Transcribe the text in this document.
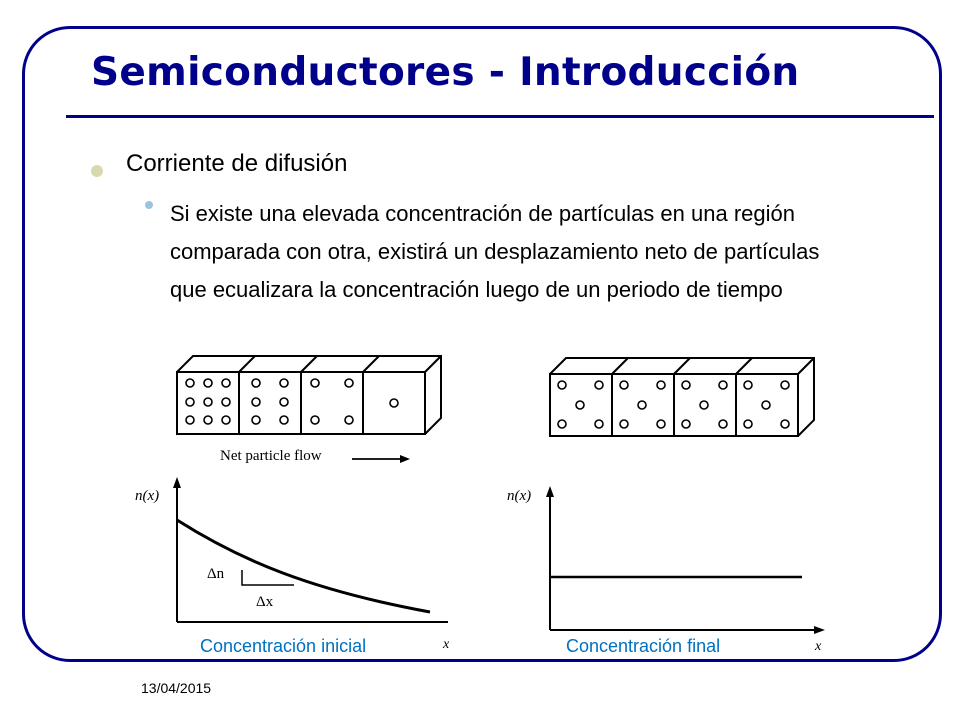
Semiconductores - Introducción
Corriente de difusión
Si existe una elevada concentración de partículas en una región comparada con otra, existirá un desplazamiento neto de partículas que ecualizara la concentración luego de un periodo de tiempo
Net particle flow
n(x)
Δn
Δx
x
Concentración inicial
n(x)
x
Concentración final
13/04/2015
